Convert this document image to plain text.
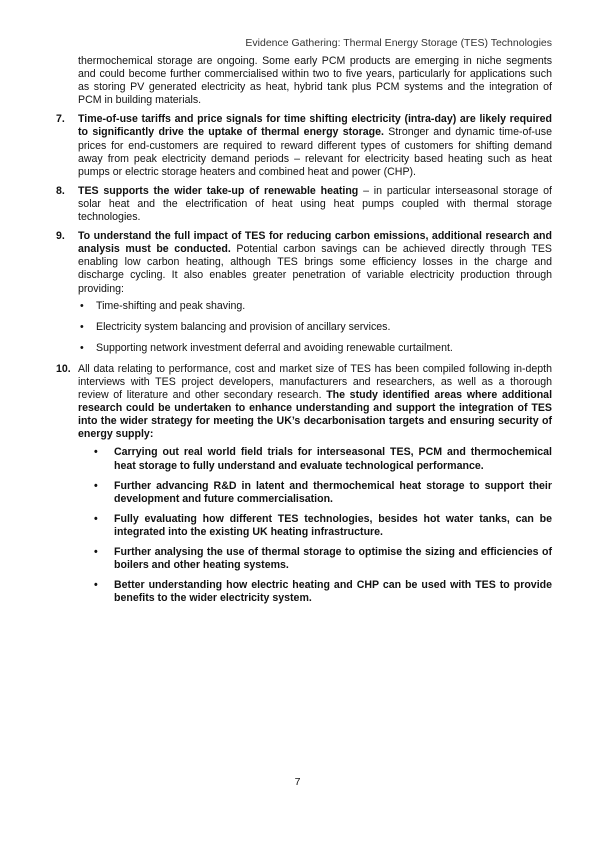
Evidence Gathering: Thermal Energy Storage (TES) Technologies

thermochemical storage are ongoing. Some early PCM products are emerging in niche segments and could become further commercialised within two to five years, particularly for applications such as storing PV generated electricity as heat, hybrid tank plus PCM systems and the integration of PCM in building materials.

7. Time-of-use tariffs and price signals for time shifting electricity (intra-day) are likely required to significantly drive the uptake of thermal energy storage. Stronger and dynamic time-of-use prices for end-customers are required to reward different types of customers for shifting demand away from peak electricity demand periods – relevant for electricity based heating such as heat pumps or electric storage heaters and combined heat and power (CHP).
8. TES supports the wider take-up of renewable heating – in particular interseasonal storage of solar heat and the electrification of heat using heat pumps coupled with thermal storage technologies.
9. To understand the full impact of TES for reducing carbon emissions, additional research and analysis must be conducted. Potential carbon savings can be achieved directly through TES enabling low carbon heating, although TES brings some efficiency losses in the charge and discharge cycling. It also enables greater penetration of variable electricity production through providing:
• Time-shifting and peak shaving.
• Electricity system balancing and provision of ancillary services.
• Supporting network investment deferral and avoiding renewable curtailment.
10. All data relating to performance, cost and market size of TES has been compiled following in-depth interviews with TES project developers, manufacturers and researchers, as well as a thorough review of literature and other secondary research. The study identified areas where additional research could be undertaken to enhance understanding and support the integration of TES into the wider strategy for meeting the UK’s decarbonisation targets and ensuring security of energy supply:
• Carrying out real world field trials for interseasonal TES, PCM and thermochemical heat storage to fully understand and evaluate technological performance.
• Further advancing R&D in latent and thermochemical heat storage to support their development and future commercialisation.
• Fully evaluating how different TES technologies, besides hot water tanks, can be integrated into the existing UK heating infrastructure.
• Further analysing the use of thermal storage to optimise the sizing and efficiencies of boilers and other heating systems.
• Better understanding how electric heating and CHP can be used with TES to provide benefits to the wider electricity system.
7
